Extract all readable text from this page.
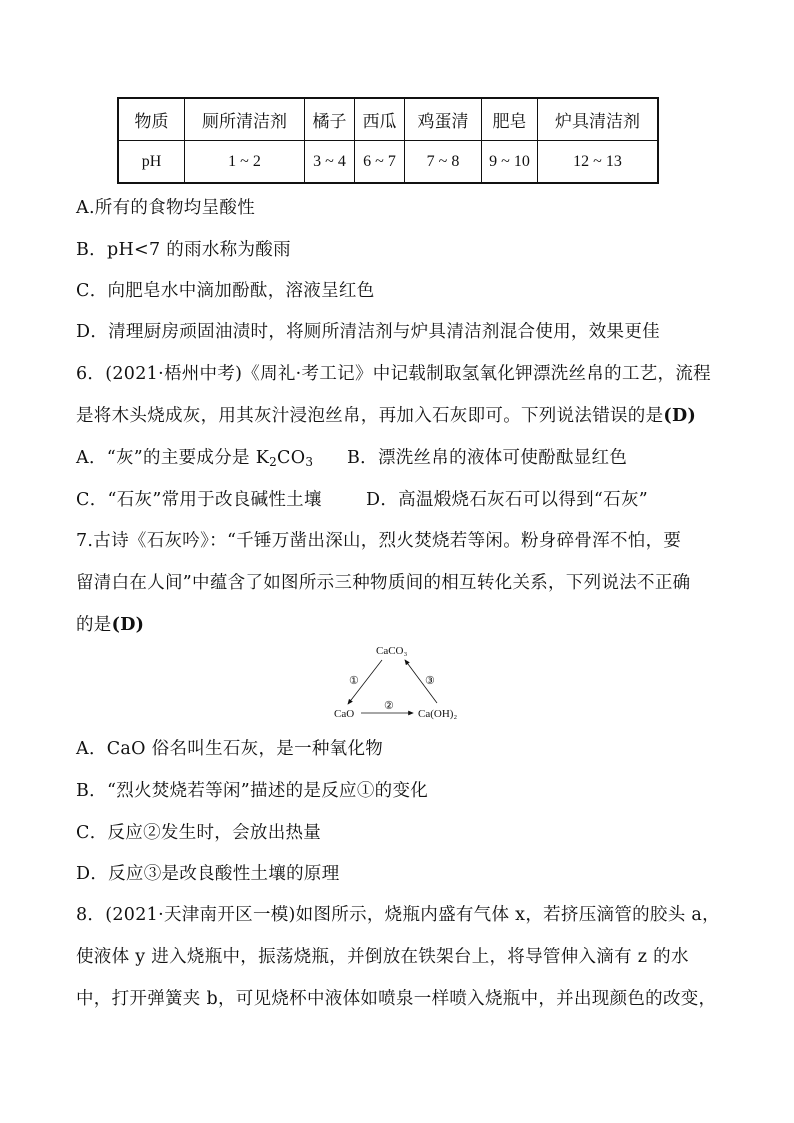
物质	厕所清洁剂	橘子	西瓜	鸡蛋清	肥皂	炉具清洁剂
pH	1 ~ 2	3 ~ 4	6 ~ 7	7 ~ 8	9 ~ 10	12 ~ 13
A.所有的食物均呈酸性
B．pH<7 的雨水称为酸雨
C．向肥皂水中滴加酚酞，溶液呈红色
D．清理厨房顽固油渍时，将厕所清洁剂与炉具清洁剂混合使用，效果更佳
6．(2021·梧州中考)《周礼·考工记》中记载制取氢氧化钾漂洗丝帛的工艺，流程
是将木头烧成灰，用其灰汁浸泡丝帛，再加入石灰即可。下列说法错误的是(D)
A．“灰”的主要成分是 $K_2CO_3$ B．漂洗丝帛的液体可使酚酞显红色
C．“石灰”常用于改良碱性土壤	D．高温煅烧石灰石可以得到“石灰”
7.古诗《石灰吟》：“千锤万凿出深山，烈火焚烧若等闲。粉身碎骨浑不怕，要
留清白在人间”中蕴含了如图所示三种物质间的相互转化关系，下列说法不正确
的是(D)
CaCO₃
CaO	Ca(OH)₂
①
②
③
A．CaO 俗名叫生石灰，是一种氧化物
B．“烈火焚烧若等闲”描述的是反应①的变化
C．反应②发生时，会放出热量
D．反应③是改良酸性土壤的原理
8．(2021·天津南开区一模)如图所示，烧瓶内盛有气体 x，若挤压滴管的胶头 a，
使液体 y 进入烧瓶中，振荡烧瓶，并倒放在铁架台上，将导管伸入滴有 z 的水
中，打开弹簧夹 b，可见烧杯中液体如喷泉一样喷入烧瓶中，并出现颜色的改变，
